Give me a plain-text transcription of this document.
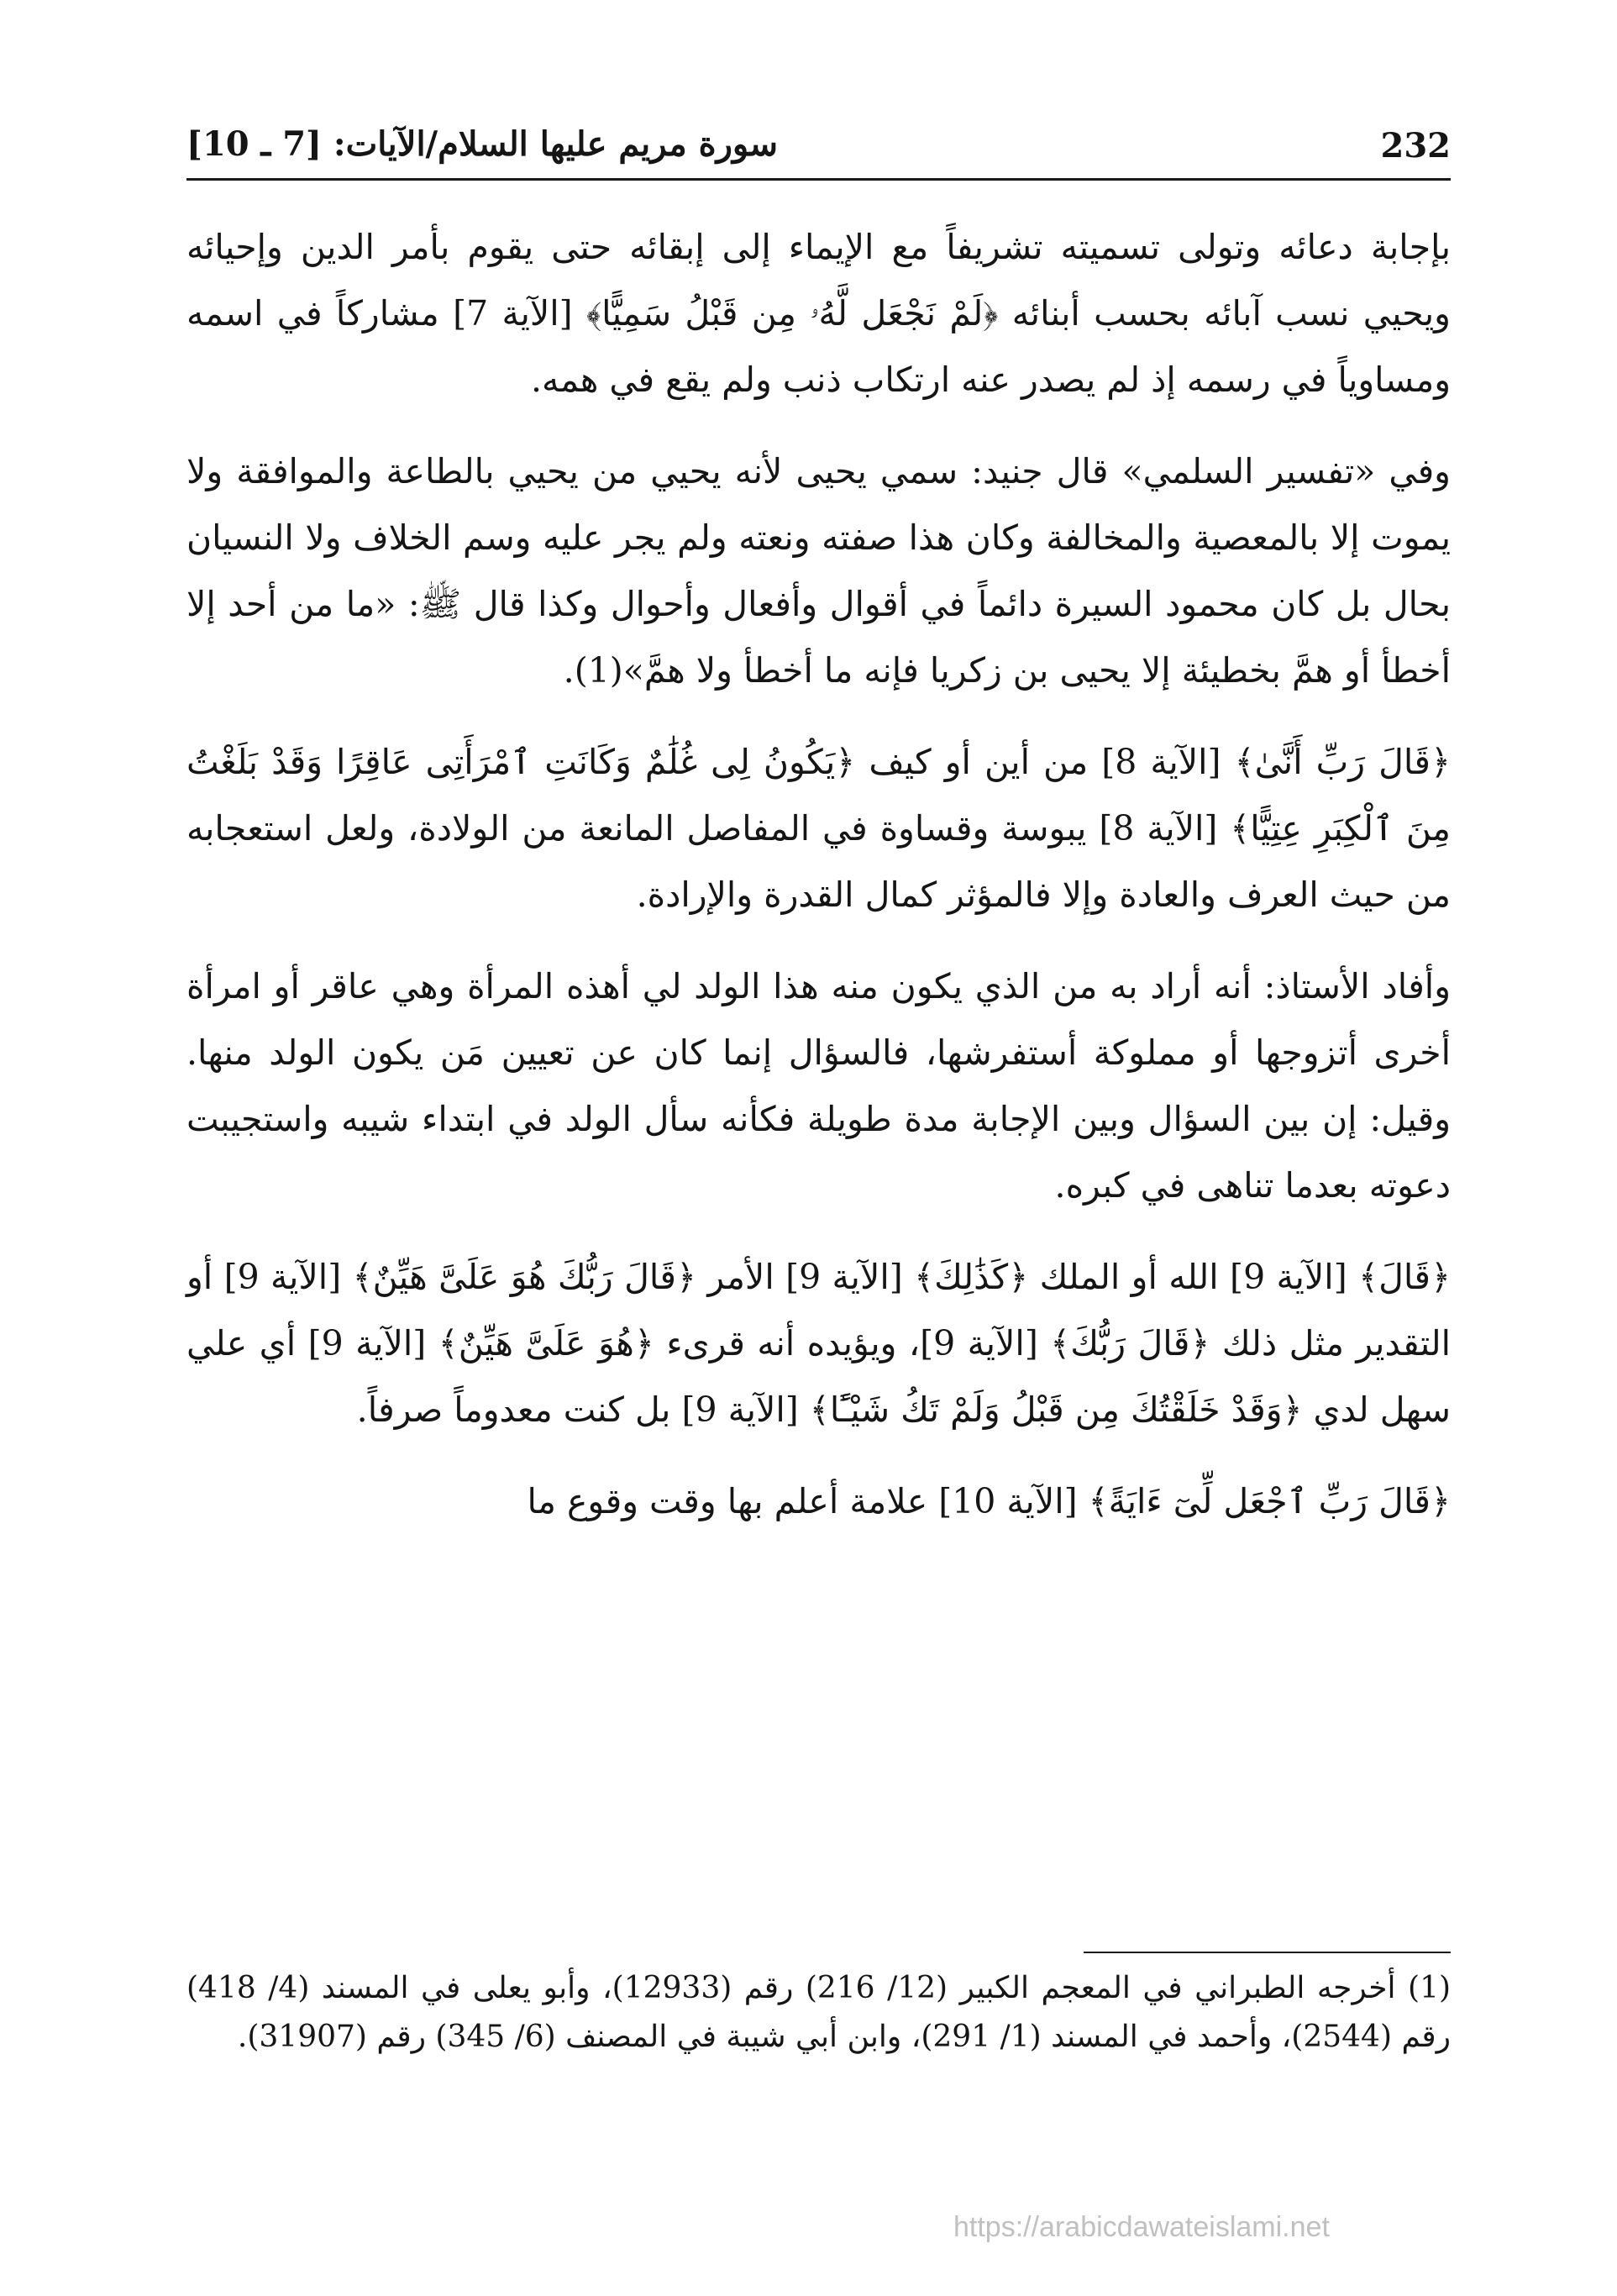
سورة مريم عليها السلام/الآيات: [7 ـ 10]	232

بإجابة دعائه وتولى تسميته تشريفاً مع الإيماء إلى إبقائه حتى يقوم بأمر الدين وإحيائه ويحيي نسب آبائه بحسب أبنائه ﴿لَمْ نَجْعَل لَّهُۥ مِن قَبْلُ سَمِيًّا﴾ [الآية 7] مشاركاً في اسمه ومساوياً في رسمه إذ لم يصدر عنه ارتكاب ذنب ولم يقع في همه.

وفي «تفسير السلمي» قال جنيد: سمي يحيى لأنه يحيي من يحيي بالطاعة والموافقة ولا يموت إلا بالمعصية والمخالفة وكان هذا صفته ونعته ولم يجر عليه وسم الخلاف ولا النسيان بحال بل كان محمود السيرة دائماً في أقوال وأفعال وأحوال وكذا قال ﷺ: «ما من أحد إلا أخطأ أو همَّ بخطيئة إلا يحيى بن زكريا فإنه ما أخطأ ولا همَّ»(1).

﴿قَالَ رَبِّ أَنَّىٰ﴾ [الآية 8] من أين أو كيف ﴿يَكُونُ لِى غُلَٰمٌ وَكَانَتِ ٱمْرَأَتِى عَاقِرًا وَقَدْ بَلَغْتُ مِنَ ٱلْكِبَرِ عِتِيًّا﴾ [الآية 8] يبوسة وقساوة في المفاصل المانعة من الولادة، ولعل استعجابه من حيث العرف والعادة وإلا فالمؤثر كمال القدرة والإرادة.

وأفاد الأستاذ: أنه أراد به من الذي يكون منه هذا الولد لي أهذه المرأة وهي عاقر أو امرأة أخرى أتزوجها أو مملوكة أستفرشها، فالسؤال إنما كان عن تعيين مَن يكون الولد منها. وقيل: إن بين السؤال وبين الإجابة مدة طويلة فكأنه سأل الولد في ابتداء شيبه واستجيبت دعوته بعدما تناهى في كبره.

﴿قَالَ﴾ [الآية 9] الله أو الملك ﴿كَذَٰلِكَ﴾ [الآية 9] الأمر ﴿قَالَ رَبُّكَ هُوَ عَلَىَّ هَيِّنٌ﴾ [الآية 9] أو التقدير مثل ذلك ﴿قَالَ رَبُّكَ﴾ [الآية 9]، ويؤيده أنه قرىء ﴿هُوَ عَلَىَّ هَيِّنٌ﴾ [الآية 9] أي علي سهل لدي ﴿وَقَدْ خَلَقْتُكَ مِن قَبْلُ وَلَمْ تَكُ شَيْـًٔا﴾ [الآية 9] بل كنت معدوماً صرفاً.

﴿قَالَ رَبِّ ٱجْعَل لِّىٓ ءَايَةً﴾ [الآية 10] علامة أعلم بها وقت وقوع ما

(1) أخرجه الطبراني في المعجم الكبير (12/ 216) رقم (12933)، وأبو يعلى في المسند (4/ 418) رقم (2544)، وأحمد في المسند (1/ 291)، وابن أبي شيبة في المصنف (6/ 345) رقم (31907).

https://arabicdawateislami.net
